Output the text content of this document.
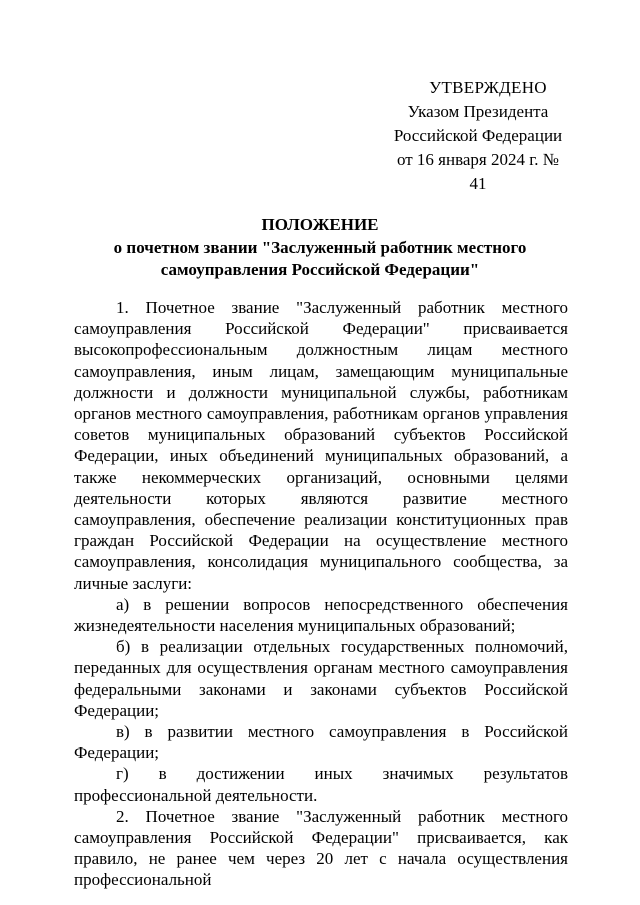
УТВЕРЖДЕНО
Указом Президента
Российской Федерации
от 16 января 2024 г. № 41
ПОЛОЖЕНИЕ
о почетном звании "Заслуженный работник местного
самоуправления Российской Федерации"

1. Почетное звание "Заслуженный работник местного самоуправления Российской Федерации" присваивается высокопрофессиональным должностным лицам местного самоуправления, иным лицам, замещающим муниципальные должности и должности муниципальной службы, работникам органов местного самоуправления, работникам органов управления советов муниципальных образований субъектов Российской Федерации, иных объединений муниципальных образований, а также некоммерческих организаций, основными целями деятельности которых являются развитие местного самоуправления, обеспечение реализации конституционных прав граждан Российской Федерации на осуществление местного самоуправления, консолидация муниципального сообщества, за личные заслуги:

а) в решении вопросов непосредственного обеспечения жизнедеятельности населения муниципальных образований;

б) в реализации отдельных государственных полномочий, переданных для осуществления органам местного самоуправления федеральными законами и законами субъектов Российской Федерации;

в) в развитии местного самоуправления в Российской Федерации;

г) в достижении иных значимых результатов профессиональной деятельности.

2. Почетное звание "Заслуженный работник местного самоуправления Российской Федерации" присваивается, как правило, не ранее чем через 20 лет с начала осуществления профессиональной
